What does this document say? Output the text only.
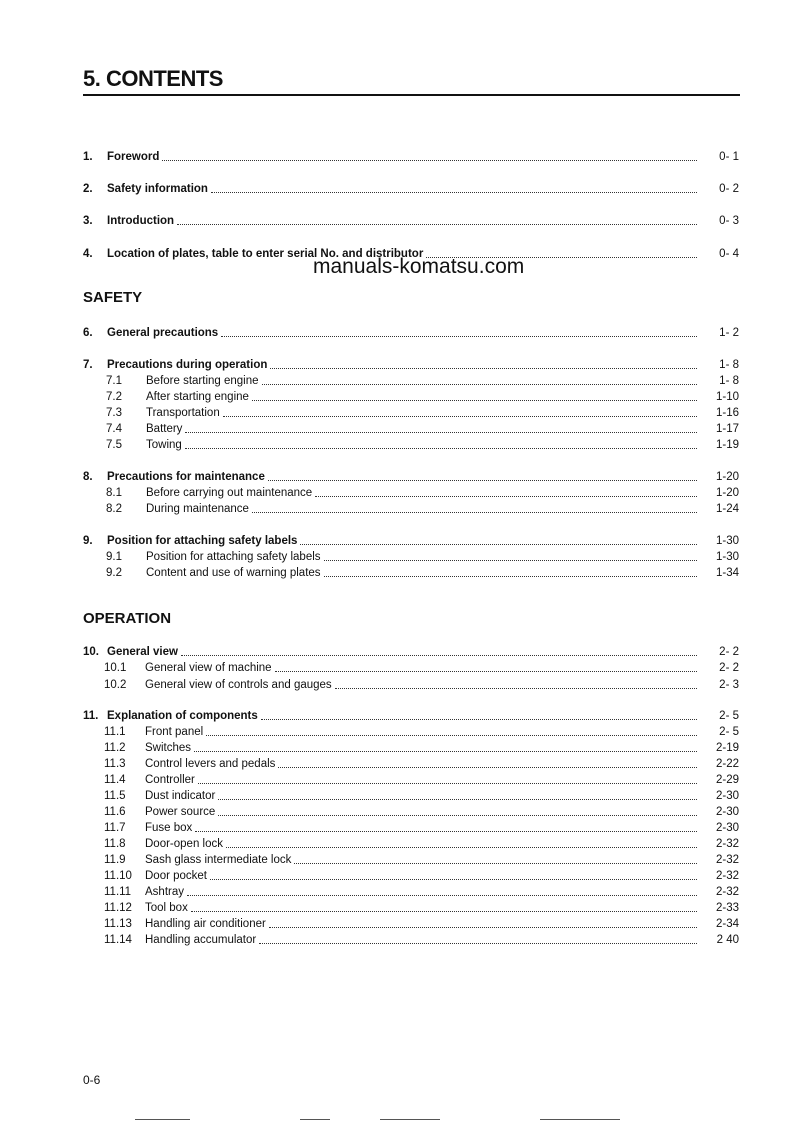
5. CONTENTS
SAFETY
OPERATION
1.	Foreword	0- 1
2.	Safety information	0- 2
3.	Introduction	0- 3
4.	Location of plates, table to enter serial No. and distributor	0- 4
6.	General precautions	1- 2
7.	Precautions during operation	1- 8
7.1	Before starting engine	1- 8
7.2	After starting engine	1-10
7.3	Transportation	1-16
7.4	Battery	1-17
7.5	Towing	1-19
8.	Precautions for maintenance	1-20
8.1	Before carrying out maintenance	1-20
8.2	During maintenance	1-24
9.	Position for attaching safety labels	1-30
9.1	Position for attaching safety labels	1-30
9.2	Content and use of warning plates	1-34
10. General view	2- 2
10.1	General view of machine	2- 2
10.2	General view of controls and gauges	2- 3
11. Explanation of components	2- 5
11.1	Front panel	2- 5
11.2	Switches	2-19
11.3	Control levers and pedals	2-22
11.4	Controller	2-29
11.5	Dust indicator	2-30
11.6	Power source	2-30
11.7	Fuse box	2-30
11.8	Door-open lock	2-32
11.9	Sash glass intermediate lock	2-32
11.10	Door pocket	2-32
11.11	Ashtray	2-32
11.12	Tool box	2-33
11.13	Handling air conditioner	2-34
11.14	Handling accumulator	2 40
manuals-komatsu.com
0-6
